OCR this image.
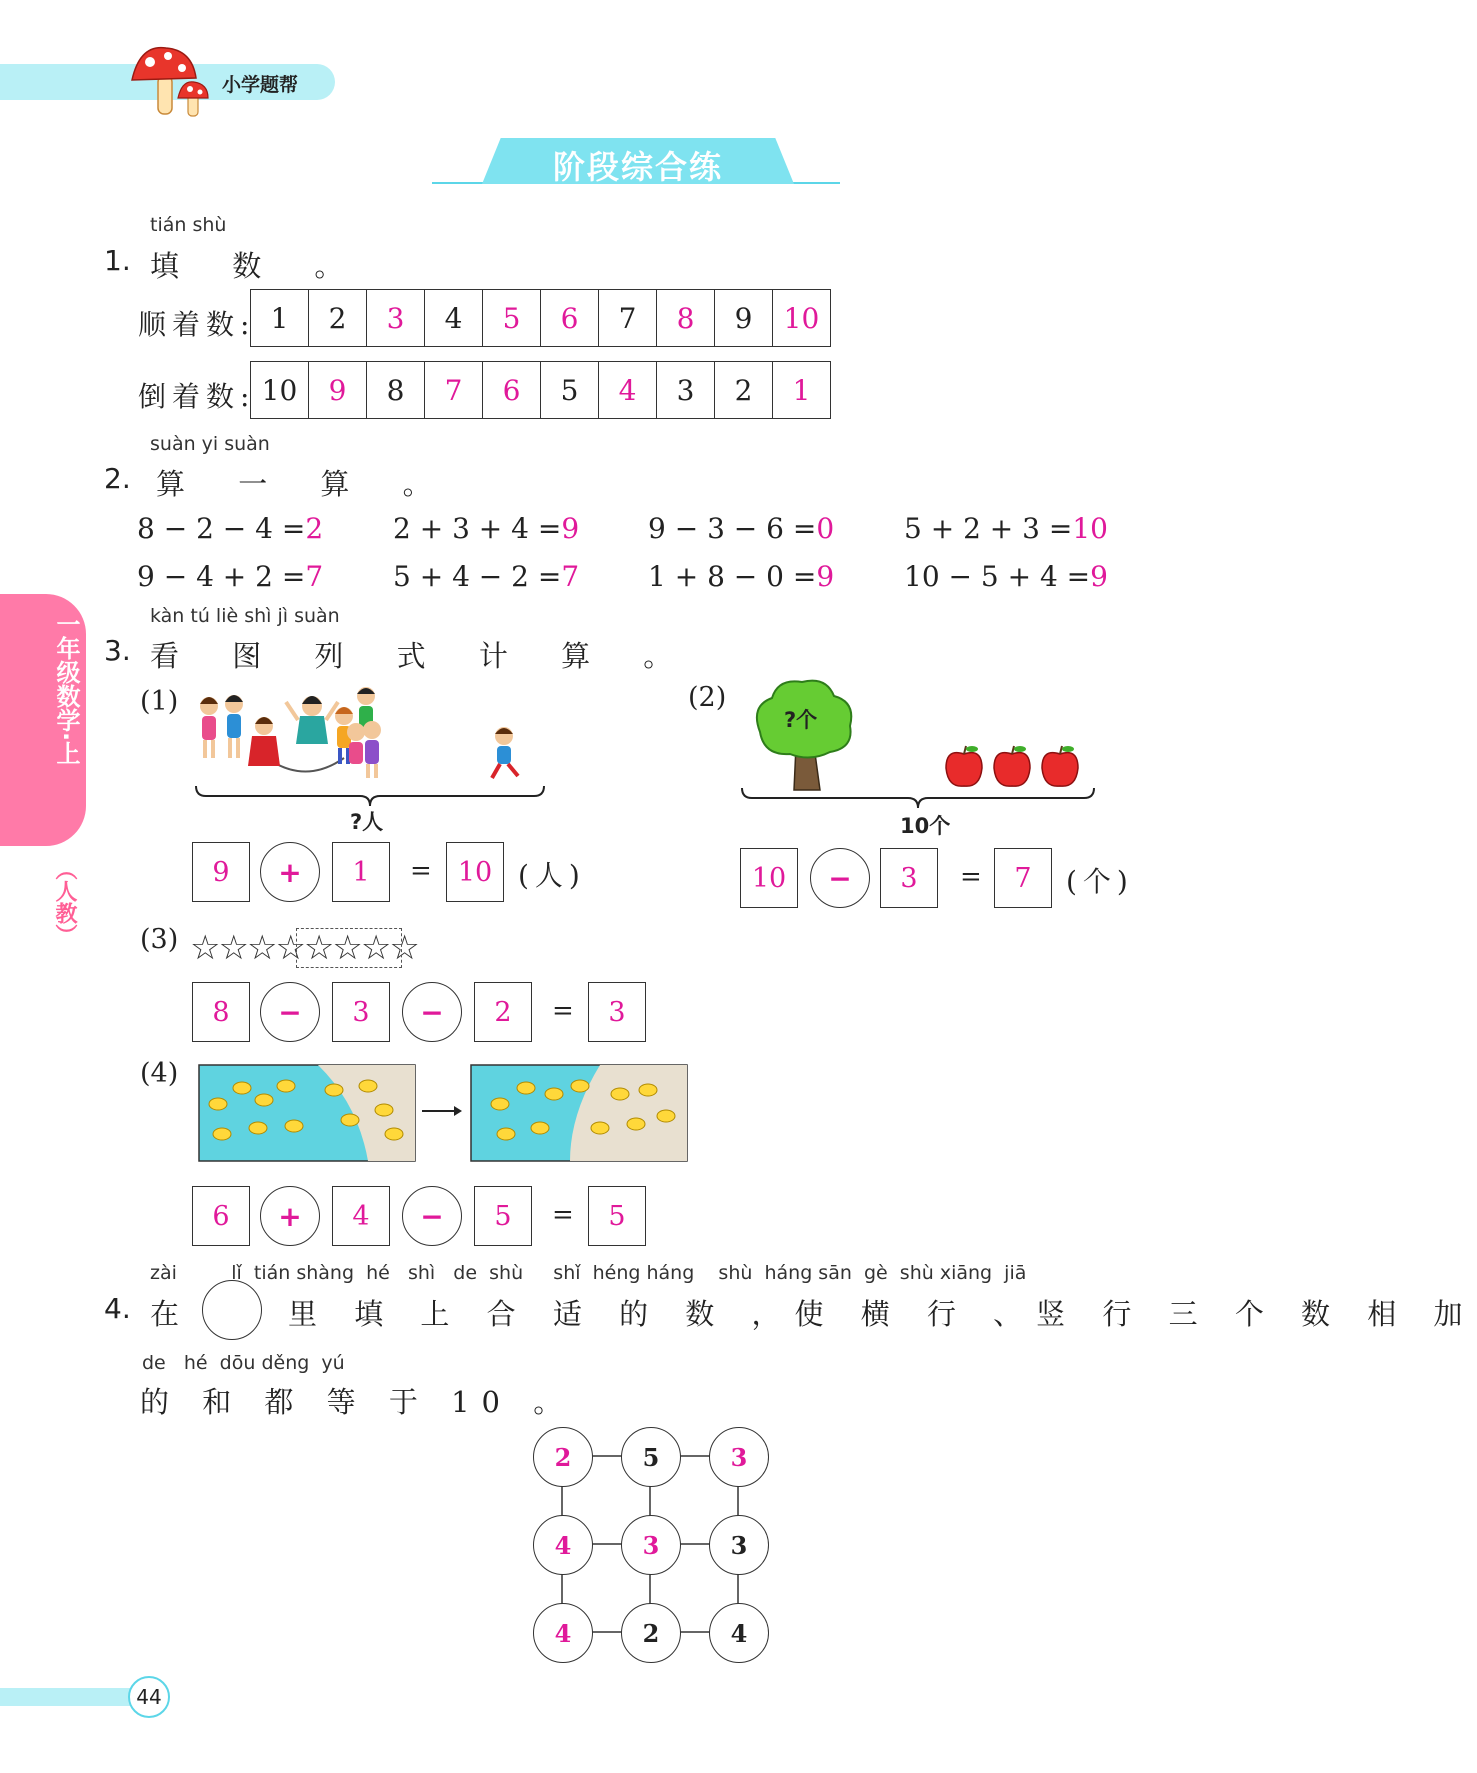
小学题帮
阶段综合练
一年级数学·上
（人教）
tián shù
1. 填 数 。
顺着数: 1	2	3	4	5	6	7	8	9	10
倒着数: 10	9	8	7	6	5	4	3	2	1
suàn yi suàn
2. 算 一 算 。
8 − 2 − 4 =2 2 + 3 + 4 =9 9 − 3 − 6 =0 5 + 2 + 3 =10
9 − 4 + 2 =7 5 + 4 − 2 =7 1 + 8 − 0 =9 10 − 5 + 4 =9
kàn tú liè shì jì suàn
3. 看 图 列 式 计 算 。
(1)
?人
9	+	1	= 10 (人)
(2)
?个
10个
10	−	3	=	7	(个)
(3) ☆☆☆☆☆☆☆☆
8	−	3	−	2	=	3
(4)
6	+	4	−	5	=	5
zài         lǐ  tián shàng  hé   shì   de  shù     shǐ  héng háng    shù  háng sān  gè  shù xiāng  jiā
4. 在	里 填 上 合 适 的 数 ，使 横 行 、竖 行 三 个 数 相 加
de   hé  dōu děng  yú
的 和 都 等 于 10 。
2	5	3
4	3	3
4	2	4
44
